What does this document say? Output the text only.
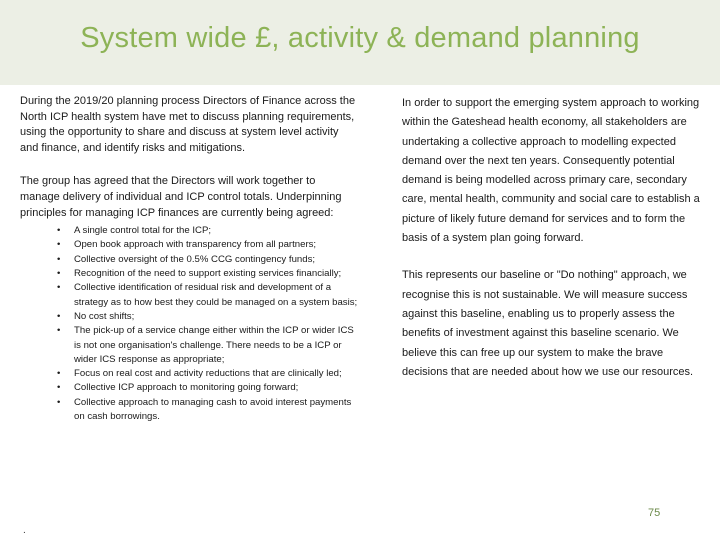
System wide £, activity & demand planning

During the 2019/20 planning process Directors of Finance across the North ICP health system have met to discuss planning requirements, using the opportunity to share and discuss at system level activity and finance, and identify risks and mitigations.

The group has agreed that the Directors will work together to manage delivery of individual and ICP control totals. Underpinning principles for managing ICP finances are currently being agreed:

• A single control total for the ICP;
• Open book approach with transparency from all partners;
• Collective oversight of the 0.5% CCG contingency funds;
• Recognition of the need to support existing services financially;
• Collective identification of residual risk and development of a strategy as to how best they could be managed on a system basis;
• No cost shifts;
• The pick-up of a service change either within the ICP or wider ICS is not one organisation's challenge. There needs to be a ICP or wider ICS response as appropriate;
• Focus on real cost and activity reductions that are clinically led;
• Collective ICP approach to monitoring going forward;
• Collective approach to managing cash to avoid interest payments on cash borrowings.

In order to support the emerging system approach to working within the Gateshead health economy, all stakeholders are undertaking a collective approach to modelling expected demand over the next ten years. Consequently potential demand is being modelled across primary care, secondary care, mental health, community and social care to establish a picture of likely future demand for services and to form the basis of a system plan going forward.

This represents our baseline or "Do nothing" approach, we recognise this is not sustainable. We will measure success against this baseline, enabling us to properly assess the benefits of investment against this baseline scenario. We believe this can free up our system to make the brave decisions that are needed about how we use our resources.

75
.
